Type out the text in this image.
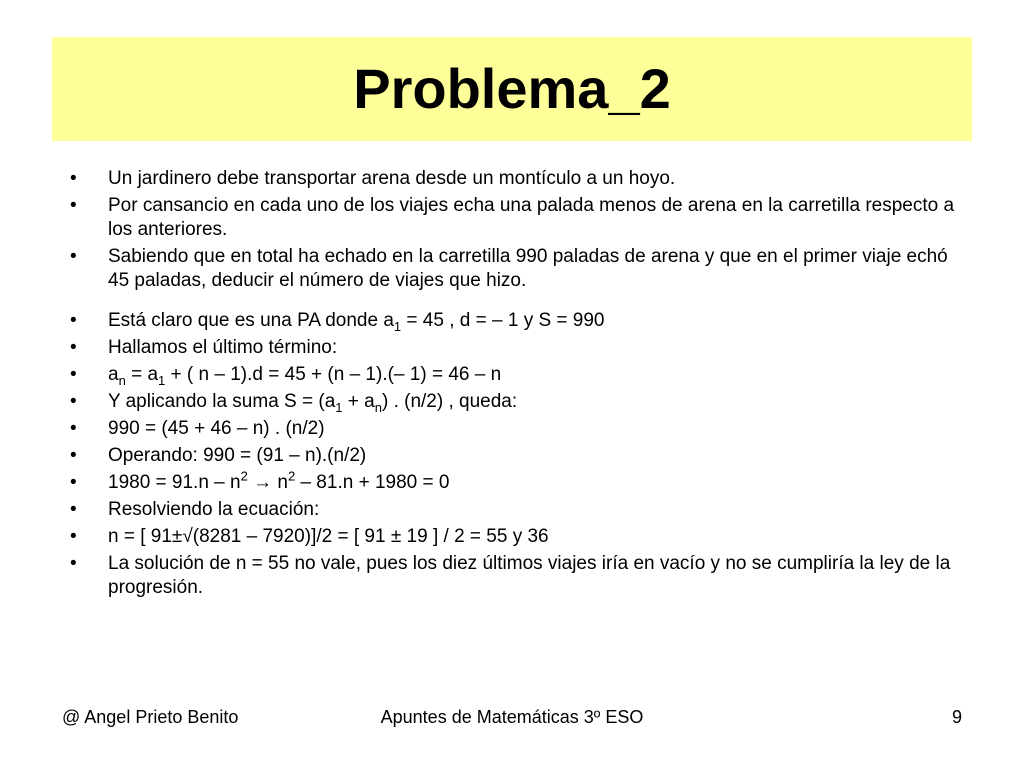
Problema_2
•	Un jardinero debe transportar arena desde un montículo a un hoyo.
•	Por cansancio en cada uno de los viajes echa una palada menos de arena en la carretilla respecto a los anteriores.
•	Sabiendo que en total ha echado en la carretilla 990 paladas de arena y que en el primer viaje echó 45 paladas, deducir el número de viajes que hizo.
•	Está claro que es una PA donde $a_1 = 45$ , d = – 1 y S = 990
•	Hallamos el último término:
•	$a_n = a_1$ + ( n – 1).d = 45 + (n – 1).(– 1) = 46 – n
•	Y aplicando la suma $S = (a_1 + a_n)$ . (n/2) , queda:
•	990 = (45 + 46 – n) . (n/2)
•	Operando: 990 = (91 – n).(n/2)
•	$1980 = 91.n - n^2 \to n^2 - 81.n + 1980 = 0$
•	Resolviendo la ecuación:
•	n = [ 91±√(8281 – 7920)]/2 = [ 91 ± 19 ] / 2 = 55 y 36
•	La solución de n = 55 no vale, pues los diez últimos viajes iría en vacío y no se cumpliría la ley de la progresión.
@ Angel Prieto Benito	Apuntes de Matemáticas 3º ESO	9
